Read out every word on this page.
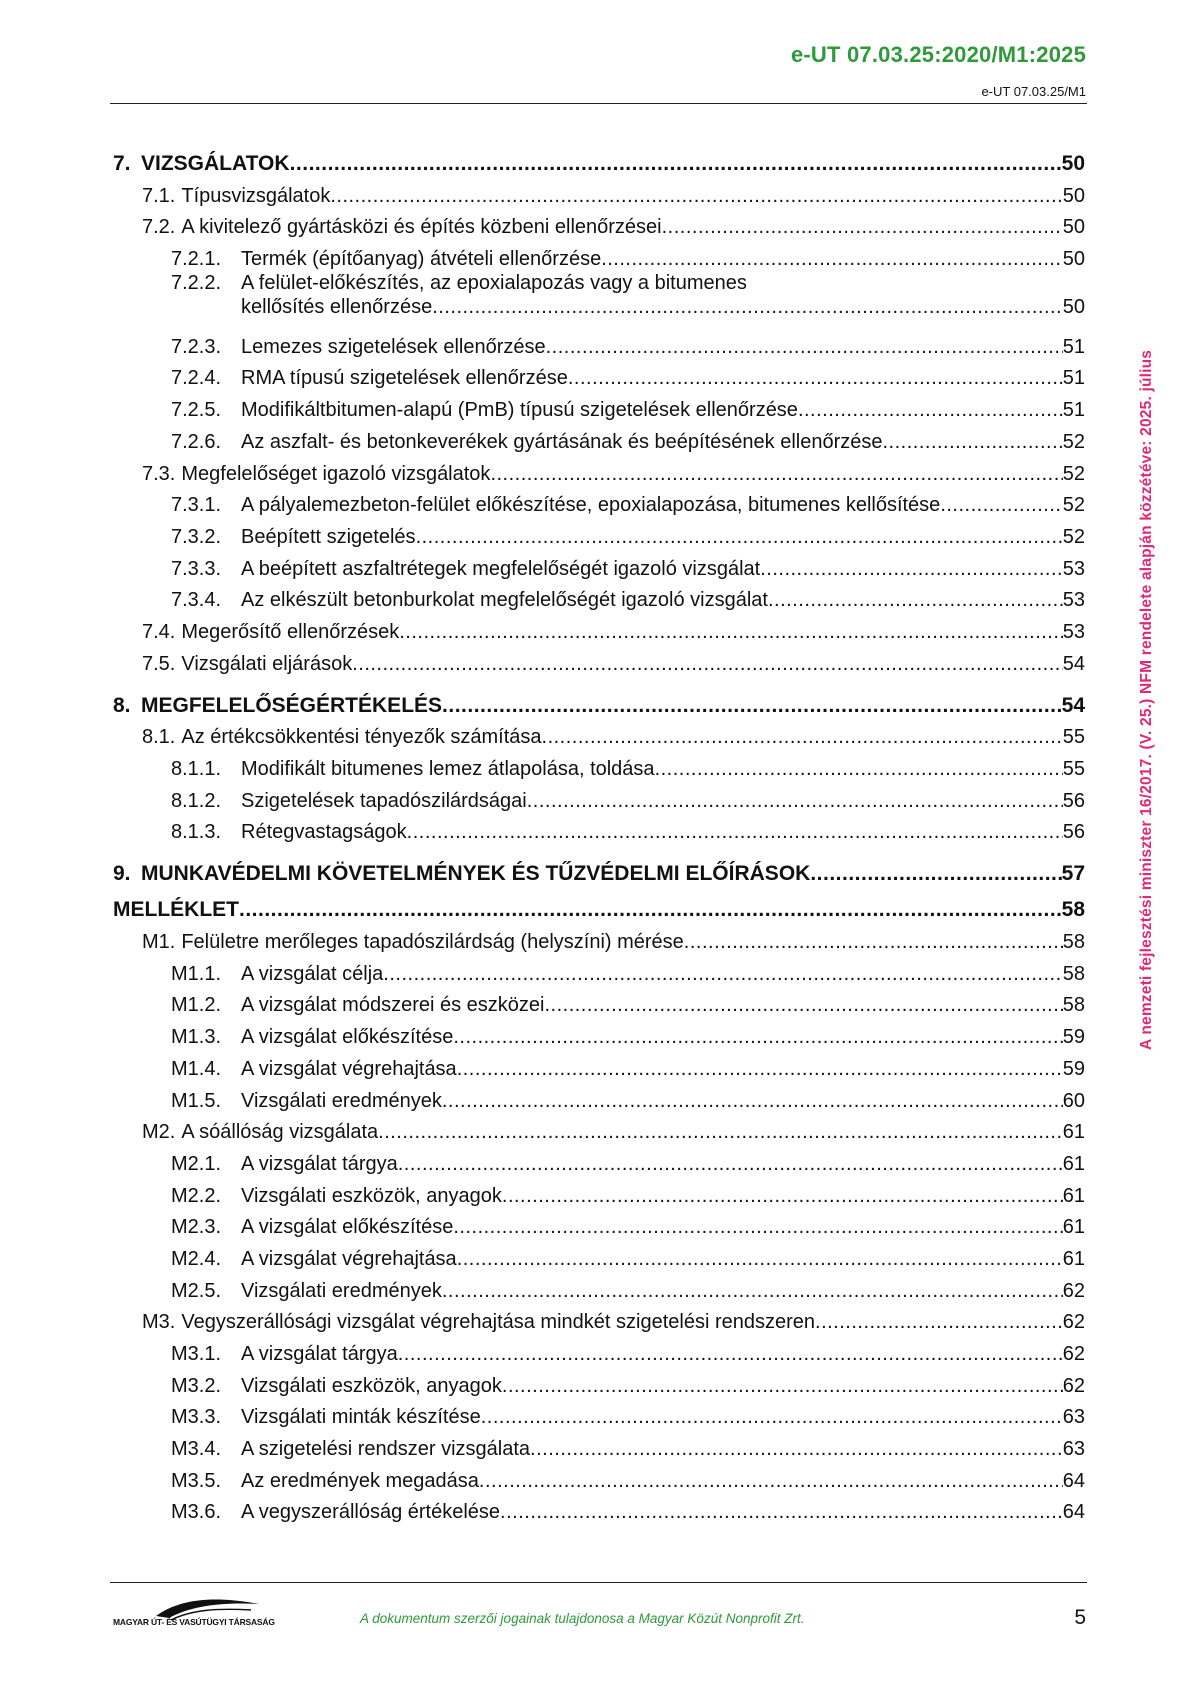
e-UT 07.03.25:2020/M1:2025
e-UT 07.03.25/M1
7. VIZSGÁLATOK .....	50
7.1. Típusvizsgálatok .....	50
7.2. A kivitelező gyártásközi és építés közbeni ellenőrzései .....	50
7.2.1. Termék (építőanyag) átvételi ellenőrzése .....	50
7.2.2. A felület-előkészítés, az epoxialapozás vagy a bitumenes
kellősítés ellenőrzése .....	50
7.2.3. Lemezes szigetelések ellenőrzése .....	51
7.2.4. RMA típusú szigetelések ellenőrzése .....	51
7.2.5. Modifikáltbitumen-alapú (PmB) típusú szigetelések ellenőrzése .....	51
7.2.6. Az aszfalt- és betonkeverékek gyártásának és beépítésének ellenőrzése .....	52
7.3. Megfelelőséget igazoló vizsgálatok .....	52
7.3.1. A pályalemezbeton-felület előkészítése, epoxialapozása, bitumenes kellősítése .....	52
7.3.2. Beépített szigetelés .....	52
7.3.3. A beépített aszfaltrétegek megfelelőségét igazoló vizsgálat .....	53
7.3.4. Az elkészült betonburkolat megfelelőségét igazoló vizsgálat .....	53
7.4. Megerősítő ellenőrzések .....	53
7.5. Vizsgálati eljárások .....	54
8. MEGFELELŐSÉGÉRTÉKELÉS .....	54
8.1. Az értékcsökkentési tényezők számítása .....	55
8.1.1. Modifikált bitumenes lemez átlapolása, toldása .....	55
8.1.2. Szigetelések tapadószilárdságai .....	56
8.1.3. Rétegvastagságok .....	56
9. MUNKAVÉDELMI KÖVETELMÉNYEK ÉS TŰZVÉDELMI ELŐÍRÁSOK .....	57
MELLÉKLET .....	58
M1. Felületre merőleges tapadószilárdság (helyszíni) mérése .....	58
M1.1. A vizsgálat célja .....	58
M1.2. A vizsgálat módszerei és eszközei .....	58
M1.3. A vizsgálat előkészítése .....	59
M1.4. A vizsgálat végrehajtása .....	59
M1.5. Vizsgálati eredmények .....	60
M2. A sóállóság vizsgálata .....	61
M2.1. A vizsgálat tárgya .....	61
M2.2. Vizsgálati eszközök, anyagok .....	61
M2.3. A vizsgálat előkészítése .....	61
M2.4. A vizsgálat végrehajtása .....	61
M2.5. Vizsgálati eredmények .....	62
M3. Vegyszerállósági vizsgálat végrehajtása mindkét szigetelési rendszeren .....	62
M3.1. A vizsgálat tárgya .....	62
M3.2. Vizsgálati eszközök, anyagok .....	62
M3.3. Vizsgálati minták készítése .....	63
M3.4. A szigetelési rendszer vizsgálata .....	63
M3.5. Az eredmények megadása .....	64
M3.6. A vegyszerállóság értékelése .....	64
A nemzeti fejlesztési miniszter 16/2017. (V. 25.) NFM rendelete alapján közzétéve: 2025. július
MAGYAR ÚT- ÉS VASÚTÜGYI TÁRSASÁG	A dokumentum szerzői jogainak tulajdonosa a Magyar Közút Nonprofit Zrt.	5
